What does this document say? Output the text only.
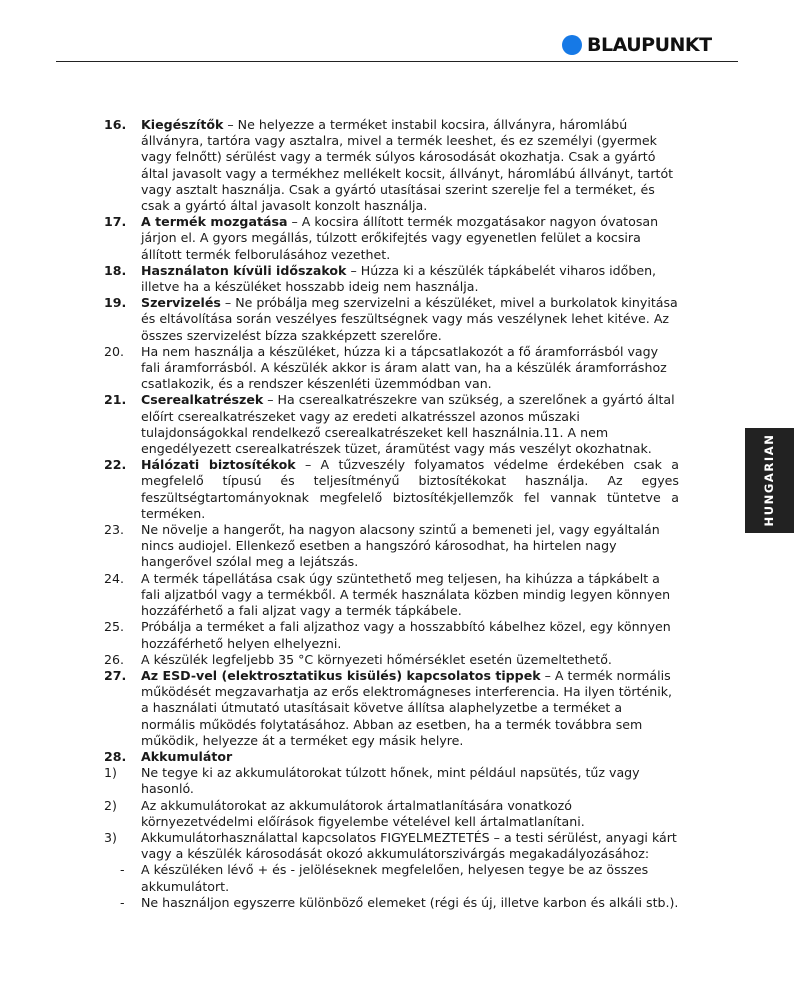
BLAUPUNKT
HUNGARIAN
16. Kiegészítők – Ne helyezze a terméket instabil kocsira, állványra, háromlábú állványra, tartóra vagy asztalra, mivel a termék leeshet, és ez személyi (gyermek vagy felnőtt) sérülést vagy a termék súlyos károsodását okozhatja. Csak a gyártó által javasolt vagy a termékhez mellékelt kocsit, állványt, háromlábú állványt, tartót vagy asztalt használja. Csak a gyártó utasításai szerint szerelje fel a terméket, és csak a gyártó által javasolt konzolt használja.
17. A termék mozgatása – A kocsira állított termék mozgatásakor nagyon óvatosan járjon el. A gyors megállás, túlzott erőkifejtés vagy egyenetlen felület a kocsira állított termék felborulásához vezethet.
18. Használaton kívüli időszakok – Húzza ki a készülék tápkábelét viharos időben, illetve ha a készüléket hosszabb ideig nem használja.
19. Szervizelés – Ne próbálja meg szervizelni a készüléket, mivel a burkolatok kinyitása és eltávolítása során veszélyes feszültségnek vagy más veszélynek lehet kitéve. Az összes szervizelést bízza szakképzett szerelőre.
20. Ha nem használja a készüléket, húzza ki a tápcsatlakozót a fő áramforrásból vagy fali áramforrásból. A készülék akkor is áram alatt van, ha a készülék áramforráshoz csatlakozik, és a rendszer készenléti üzemmódban van.
21. Cserealkatrészek – Ha cserealkatrészekre van szükség, a szerelőnek a gyártó által előírt cserealkatrészeket vagy az eredeti alkatrésszel azonos műszaki tulajdonságokkal rendelkező cserealkatrészeket kell használnia.11. A nem engedélyezett cserealkatrészek tüzet, áramütést vagy más veszélyt okozhatnak.
22. Hálózati biztosítékok – A tűzveszély folyamatos védelme érdekében csak a megfelelő típusú és teljesítményű biztosítékokat használja. Az egyes feszültségtartományoknak megfelelő biztosítékjellemzők fel vannak tüntetve a terméken.
23. Ne növelje a hangerőt, ha nagyon alacsony szintű a bemeneti jel, vagy egyáltalán nincs audiojel. Ellenkező esetben a hangszóró károsodhat, ha hirtelen nagy hangerővel szólal meg a lejátszás.
24. A termék tápellátása csak úgy szüntethető meg teljesen, ha kihúzza a tápkábelt a fali aljzatból vagy a termékből. A termék használata közben mindig legyen könnyen hozzáférhető a fali aljzat vagy a termék tápkábele.
25. Próbálja a terméket a fali aljzathoz vagy a hosszabbító kábelhez közel, egy könnyen hozzáférhető helyen elhelyezni.
26. A készülék legfeljebb 35 °C környezeti hőmérséklet esetén üzemeltethető.
27. Az ESD-vel (elektrosztatikus kisülés) kapcsolatos tippek – A termék normális működését megzavarhatja az erős elektromágneses interferencia. Ha ilyen történik, a használati útmutató utasításait követve állítsa alaphelyzetbe a terméket a normális működés folytatásához. Abban az esetben, ha a termék továbbra sem működik, helyezze át a terméket egy másik helyre.
28. Akkumulátor
1) Ne tegye ki az akkumulátorokat túlzott hőnek, mint például napsütés, tűz vagy hasonló.
2) Az akkumulátorokat az akkumulátorok ártalmatlanítására vonatkozó környezetvédelmi előírások figyelembe vételével kell ártalmatlanítani.
3) Akkumulátorhasználattal kapcsolatos FIGYELMEZTETÉS – a testi sérülést, anyagi kárt vagy a készülék károsodását okozó akkumulátorszivárgás megakadályozásához:
- A készüléken lévő + és - jelöléseknek megfelelően, helyesen tegye be az összes akkumulátort.
- Ne használjon egyszerre különböző elemeket (régi és új, illetve karbon és alkáli stb.).
